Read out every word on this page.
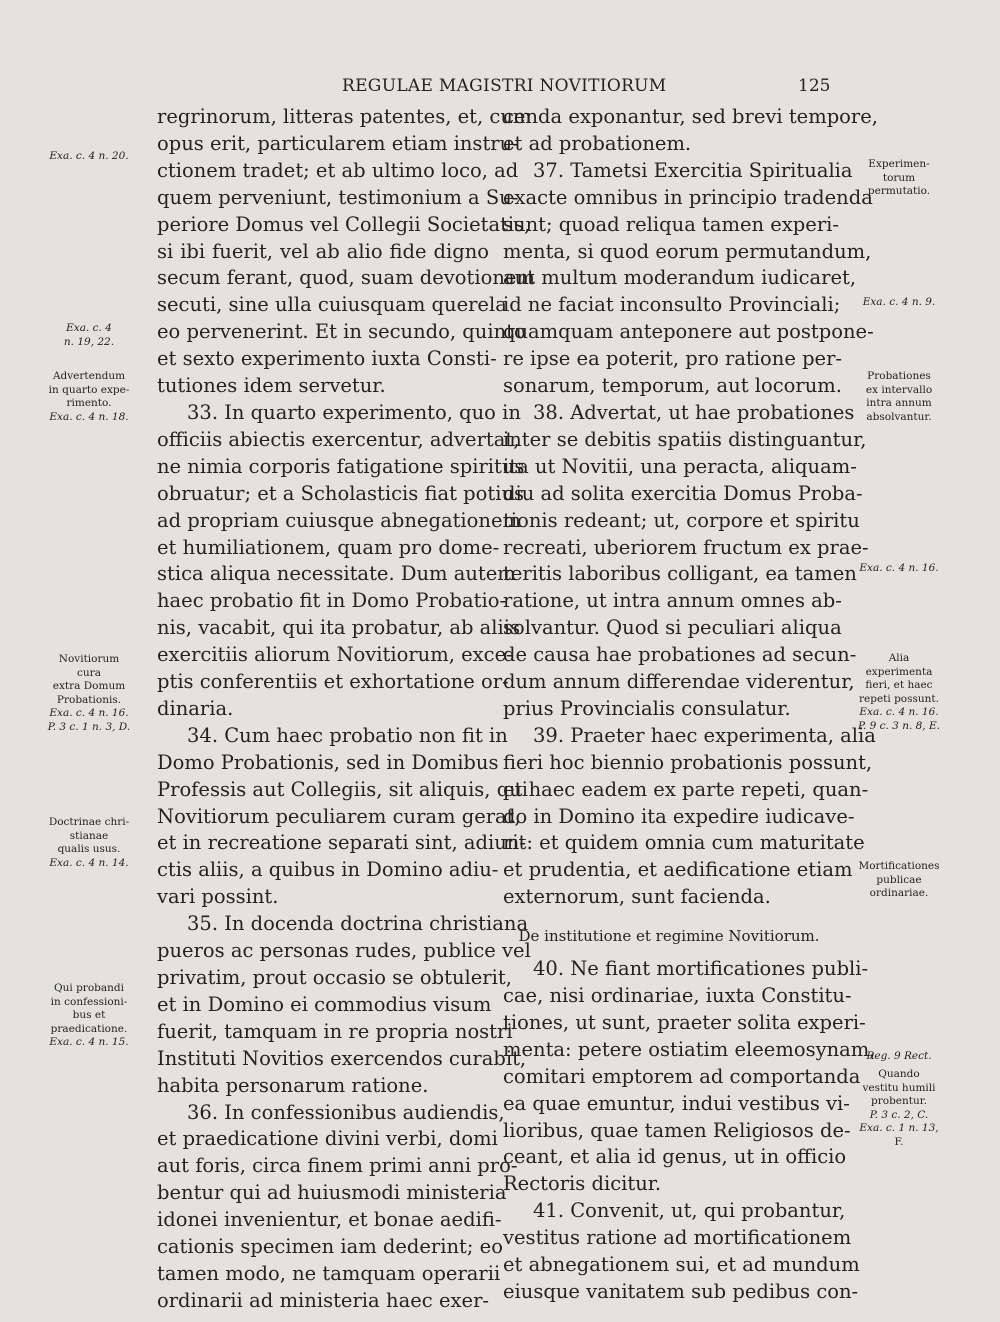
REGULAE MAGISTRI NOVITIORUM	125
regrinorum, litteras patentes, et, cum
opus erit, particularem etiam instru-
ctionem tradet; et ab ultimo loco, ad
quem perveniunt, testimonium a Su-
periore Domus vel Collegii Societatis,
si ibi fuerit, vel ab alio fide digno
secum ferant, quod, suam devotionem
secuti, sine ulla cuiusquam querela
eo pervenerint. Et in secundo, quinto
et sexto experimento iuxta Consti-
tutiones idem servetur.
33. In quarto experimento, quo in
officiis abiectis exercentur, advertat,
ne nimia corporis fatigatione spiritus
obruatur; et a Scholasticis fiat potius
ad propriam cuiusque abnegationem
et humiliationem, quam pro dome-
stica aliqua necessitate. Dum autem
haec probatio fit in Domo Probatio-
nis, vacabit, qui ita probatur, ab aliis
exercitiis aliorum Novitiorum, exce-
ptis conferentiis et exhortatione or-
dinaria.
34. Cum haec probatio non fit in
Domo Probationis, sed in Domibus
Professis aut Collegiis, sit aliquis, qui
Novitiorum peculiarem curam gerat,
et in recreatione separati sint, adiun-
ctis aliis, a quibus in Domino adiu-
vari possint.
35. In docenda doctrina christiana
pueros ac personas rudes, publice vel
privatim, prout occasio se obtulerit,
et in Domino ei commodius visum
fuerit, tamquam in re propria nostri
Instituti Novitios exercendos curabit,
habita personarum ratione.
36. In confessionibus audiendis,
et praedicatione divini verbi, domi
aut foris, circa finem primi anni pro-
bentur qui ad huiusmodi ministeria
idonei invenientur, et bonae aedifi-
cationis specimen iam dederint; eo
tamen modo, ne tamquam operarii
ordinarii ad ministeria haec exer-
cenda exponantur, sed brevi tempore,
et ad probationem.
37. Tametsi Exercitia Spiritualia
exacte omnibus in principio tradenda
sunt; quoad reliqua tamen experi-
menta, si quod eorum permutandum,
aut multum moderandum iudicaret,
id ne faciat inconsulto Provinciali;
quamquam anteponere aut postpone-
re ipse ea poterit, pro ratione per-
sonarum, temporum, aut locorum.
38. Advertat, ut hae probationes
inter se debitis spatiis distinguantur,
ita ut Novitii, una peracta, aliquam-
diu ad solita exercitia Domus Proba-
tionis redeant; ut, corpore et spiritu
recreati, uberiorem fructum ex prae-
teritis laboribus colligant, ea tamen
ratione, ut intra annum omnes ab-
solvantur. Quod si peculiari aliqua
de causa hae probationes ad secun-
dum annum differendae viderentur,
prius Provincialis consulatur.
39. Praeter haec experimenta, alia
fieri hoc biennio probationis possunt,
et haec eadem ex parte repeti, quan-
do in Domino ita expedire iudicave-
rit: et quidem omnia cum maturitate
et prudentia, et aedificatione etiam
externorum, sunt facienda.
De institutione et regimine Novitiorum.
40. Ne fiant mortificationes publi-
cae, nisi ordinariae, iuxta Constitu-
tiones, ut sunt, praeter solita experi-
menta: petere ostiatim eleemosynam,
comitari emptorem ad comportanda
ea quae emuntur, indui vestibus vi-
lioribus, quae tamen Religiosos de-
ceant, et alia id genus, ut in officio
Rectoris dicitur.
41. Convenit, ut, qui probantur,
vestitus ratione ad mortificationem
et abnegationem sui, et ad mundum
eiusque vanitatem sub pedibus con-
Exa. c. 4 n. 20.
Exa. c. 4
n. 19, 22.
Advertendum
in quarto expe-
rimento.
Exa. c. 4 n. 18.
Novitiorum
cura
extra Domum
Probationis.
Exa. c. 4 n. 16.
P. 3 c. 1 n. 3, D.
Doctrinae chri-
stianae
qualis usus.
Exa. c. 4 n. 14.
Qui probandi
in confessioni-
bus et
praedicatione.
Exa. c. 4 n. 15.
Experimen-
torum
permutatio.
Exa. c. 4 n. 9.
Probationes
ex intervallo
intra annum
absolvantur.
Exa. c. 4 n. 16.
Alia
experimenta
fieri, et haec
repeti possunt.
Exa. c. 4 n. 16.
P. 9 c. 3 n. 8, E.
Mortificationes
publicae
ordinariae.
Reg. 9 Rect.
Quando
vestitu humili
probentur.
P. 3 c. 2, C.
Exa. c. 1 n. 13,
F.
